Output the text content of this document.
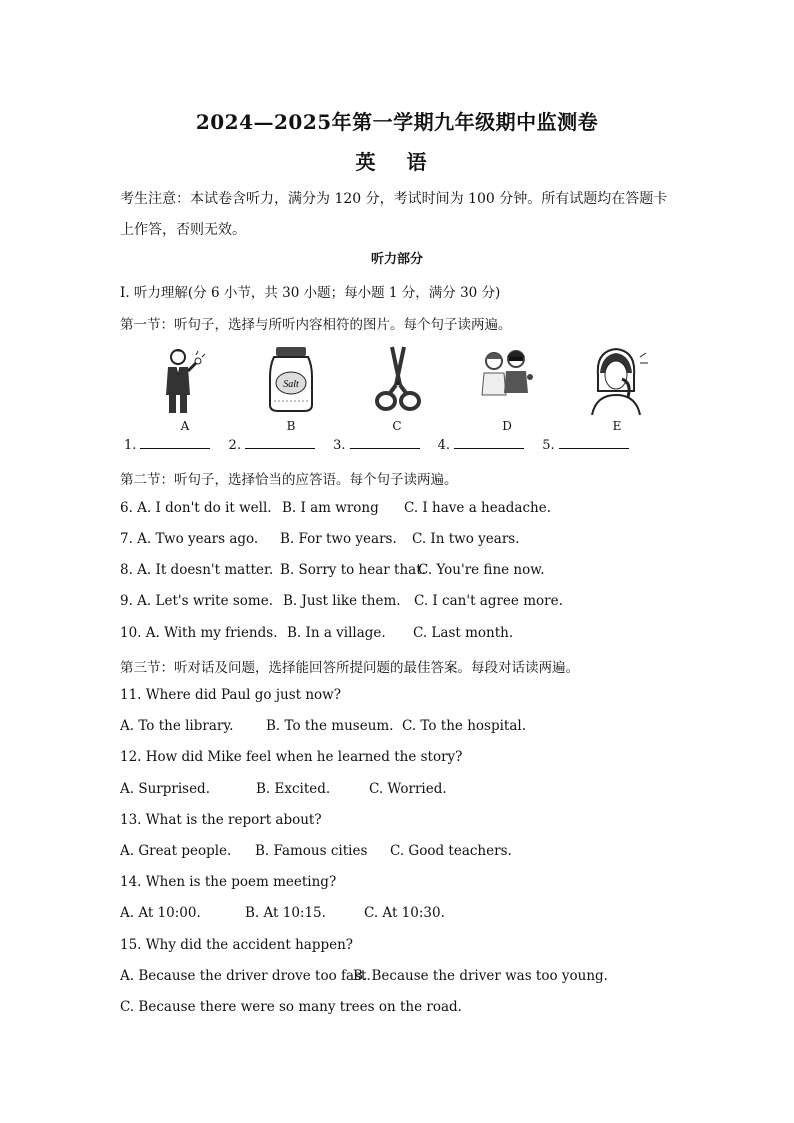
2024—2025年第一学期九年级期中监测卷
英 语
考生注意：本试卷含听力，满分为 120 分，考试时间为 100 分钟。所有试题均在答题卡上作答，否则无效。
听力部分
I. 听力理解(分 6 小节，共 30 小题；每小题 1 分，满分 30 分)
第一节：听句子，选择与所听内容相符的图片。每个句子读两遍。
A
Salt
B	C	D	E
1.	2.	3.	4.	5.
第二节：听句子，选择恰当的应答语。每个句子读两遍。
6. A. I don't do it well. B. I am wrong C. I have a headache.
7. A. Two years ago. B. For two years. C. In two years.
8. A. It doesn't matter. B. Sorry to hear that.
C. You're fine now.
9. A. Let's write some. B. Just like them. C. I can't agree more.
10. A. With my friends. B. In a village. C. Last month.
第三节：听对话及问题，选择能回答所提问题的最佳答案。每段对话读两遍。
11. Where did Paul go just now?
A. To the library. B. To the museum. C. To the hospital.
12. How did Mike feel when he learned the story?
A. Surprised.	B. Excited.	C. Worried.
13. What is the report about?
A. Great people. B. Famous cities C. Good teachers.
14. When is the poem meeting?
A. At 10:00.	B. At 10:15.	C. At 10:30.
15. Why did the accident happen?
A. Because the driver drove too fast.
B. Because the driver was too young.
C. Because there were so many trees on the road.
